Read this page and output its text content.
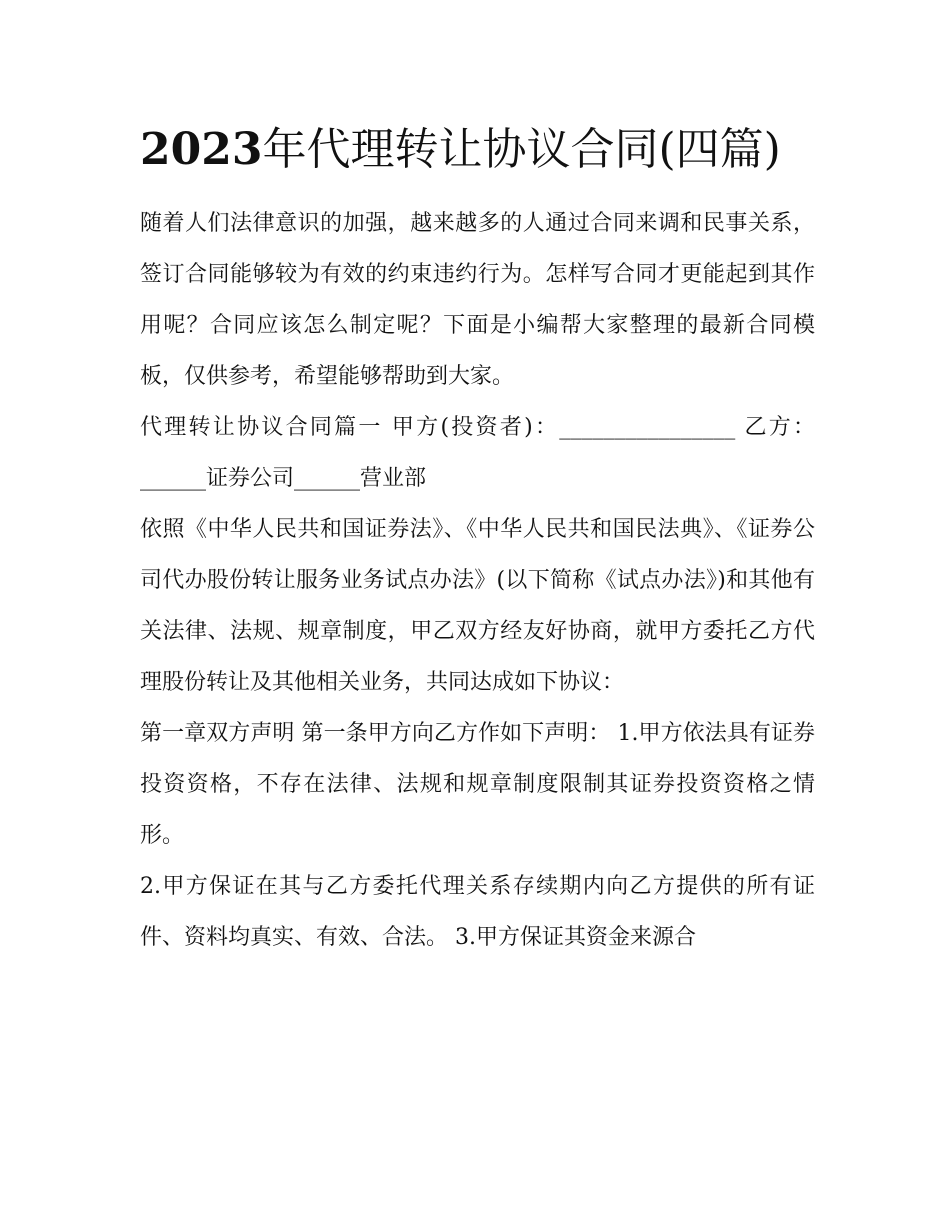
2023年代理转让协议合同(四篇)

随着人们法律意识的加强，越来越多的人通过合同来调和民事关系，签订合同能够较为有效的约束违约行为。怎样写合同才更能起到其作用呢？合同应该怎么制定呢？下面是小编帮大家整理的最新合同模板，仅供参考，希望能够帮助到大家。

代理转让协议合同篇一 甲方(投资者)：________________ 乙方：______证券公司______营业部

依照《中华人民共和国证券法》、《中华人民共和国民法典》、《证券公司代办股份转让服务业务试点办法》(以下简称《试点办法》)和其他有关法律、法规、规章制度，甲乙双方经友好协商，就甲方委托乙方代理股份转让及其他相关业务，共同达成如下协议：

第一章双方声明 第一条甲方向乙方作如下声明： 1.甲方依法具有证券投资资格，不存在法律、法规和规章制度限制其证券投资资格之情形。

2.甲方保证在其与乙方委托代理关系存续期内向乙方提供的所有证件、资料均真实、有效、合法。 3.甲方保证其资金来源合
